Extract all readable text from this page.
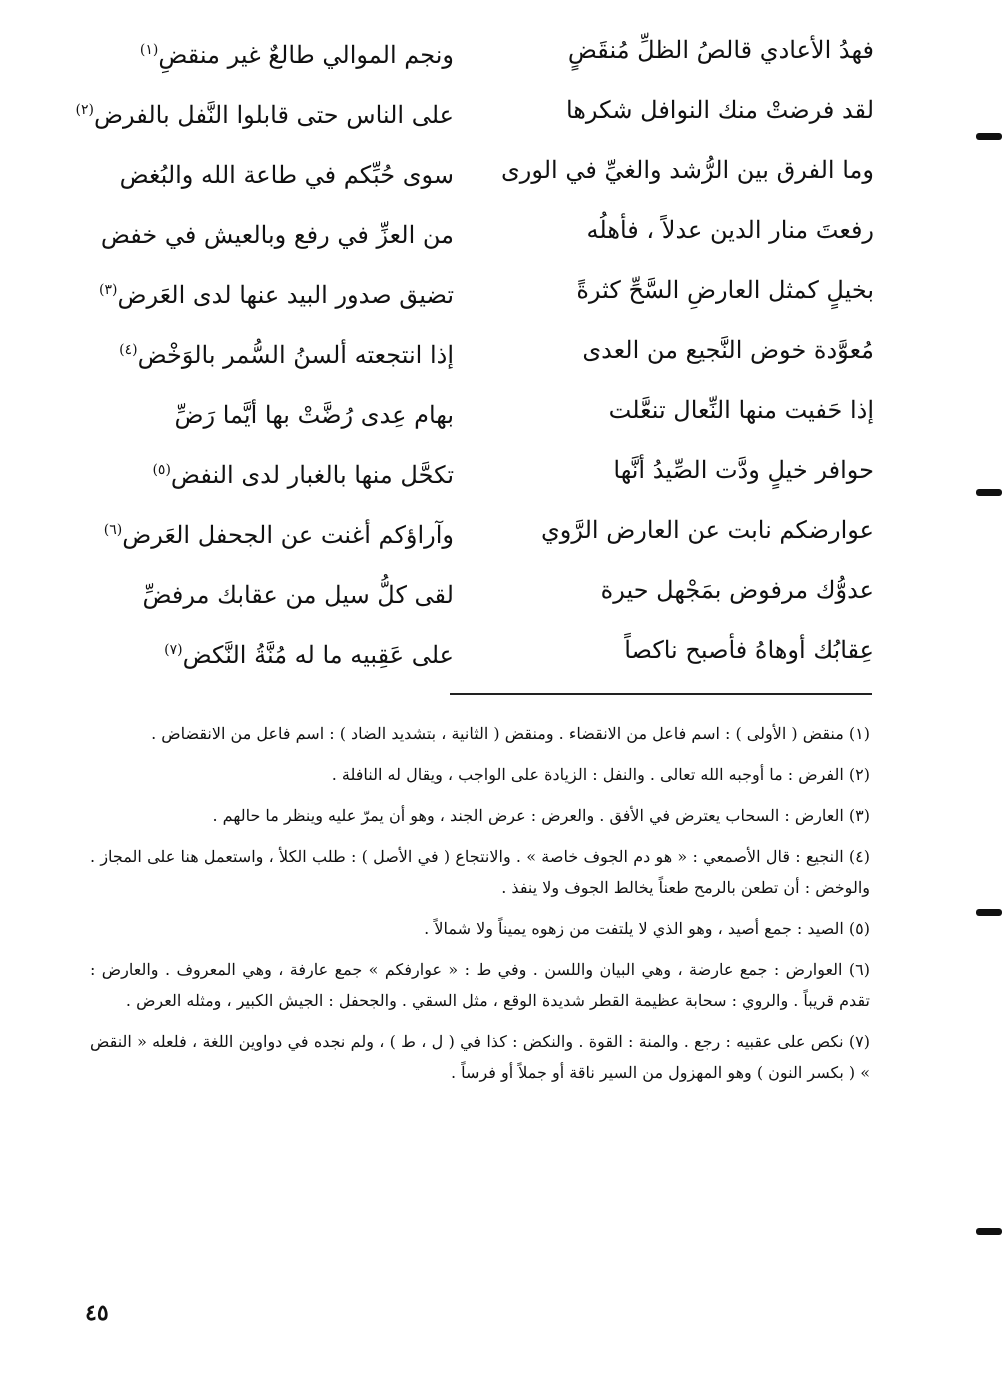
فهدُ الأعادي قالصُ الظلِّ مُنقَضٍ
ونجم الموالي طالعٌ غير منقضِ$^{(١)}$
لقد فرضتْ منك النوافل شكرها
على الناس حتى قابلوا النَّفل بالفرض$^{(٢)}$
وما الفرق بين الرُّشد والغيِّ في الورى
سوى حُبِّكم في طاعة الله والبُغض
رفعتَ منار الدين عدلاً ، فأهلُه
من العزِّ في رفع وبالعيش في خفض
بخيلٍ كمثل العارضِ السَّحِّ كثرةً
تضيق صدور البيد عنها لدى العَرض$^{(٣)}$
مُعوَّدة خوض النَّجيع من العدى
إذا انتجعته ألسنُ السُّمر بالوَخْض$^{(٤)}$
إذا حَفيت منها النِّعال تنعَّلت
بهام عِدى رُضَّتْ بها أيَّما رَضِّ
حوافر خيلٍ ودَّت الصِّيدُ أنَّها
تكحَّل منها بالغبار لدى النفض$^{(٥)}$
عوارضكم نابت عن العارض الرَّوي
وآراؤكم أغنت عن الجحفل العَرض$^{(٦)}$
عدوُّك مرفوض بمَجْهل حيرة
لقى كلُّ سيل من عقابك مرفضِّ
عِقابُك أوهاهُ فأصبح ناكصاً
على عَقِبيه ما له مُنَّةُ النَّكض$^{(٧)}$

(١) منقض ( الأولى ) : اسم فاعل من الانقضاء . ومنقض ( الثانية ، بتشديد الضاد ) : اسم فاعل من الانقضاض .

(٢) الفرض : ما أوجبه الله تعالى . والنفل : الزيادة على الواجب ، ويقال له النافلة .

(٣) العارض : السحاب يعترض في الأفق . والعرض : عرض الجند ، وهو أن يمرّ عليه وينظر ما حالهم .

(٤) النجيع : قال الأصمعي : « هو دم الجوف خاصة » . والانتجاع ( في الأصل ) : طلب الكلأ ، واستعمل هنا على المجاز . والوخض : أن تطعن بالرمح طعناً يخالط الجوف ولا ينفذ .

(٥) الصيد : جمع أصيد ، وهو الذي لا يلتفت من زهوه يميناً ولا شمالاً .

(٦) العوارض : جمع عارضة ، وهي البيان واللسن . وفي ط : « عوارفكم » جمع عارفة ، وهي المعروف . والعارض : تقدم قريباً . والروي : سحابة عظيمة القطر شديدة الوقع ، مثل السقي . والجحفل : الجيش الكبير ، ومثله العرض .

(٧) نكص على عقبيه : رجع . والمنة : القوة . والنكض : كذا في ( ل ، ط ) ، ولم نجده في دواوين اللغة ، فلعله « النقض » ( بكسر النون ) وهو المهزول من السير ناقة أو جملاً أو فرساً .

٤٥
